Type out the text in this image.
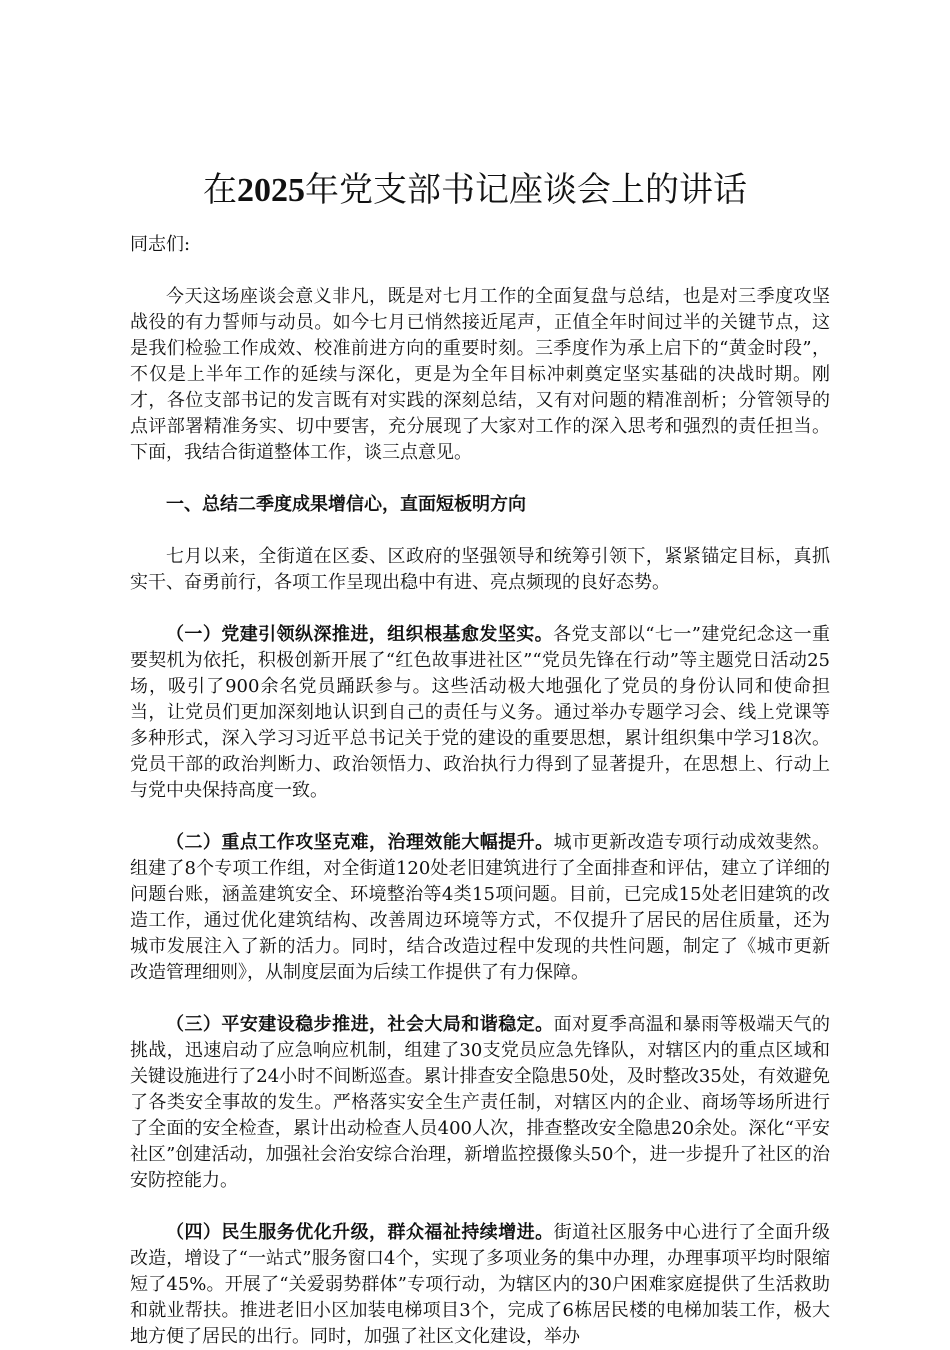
在2025年党支部书记座谈会上的讲话
同志们:

今天这场座谈会意义非凡，既是对七月工作的全面复盘与总结，也是对三季度攻坚战役的有力誓师与动员。如今七月已悄然接近尾声，正值全年时间过半的关键节点，这是我们检验工作成效、校准前进方向的重要时刻。三季度作为承上启下的“黄金时段”，不仅是上半年工作的延续与深化，更是为全年目标冲刺奠定坚实基础的决战时期。刚才，各位支部书记的发言既有对实践的深刻总结，又有对问题的精准剖析；分管领导的点评部署精准务实、切中要害，充分展现了大家对工作的深入思考和强烈的责任担当。下面，我结合街道整体工作，谈三点意见。

一、总结二季度成果增信心，直面短板明方向

七月以来，全街道在区委、区政府的坚强领导和统筹引领下，紧紧锚定目标，真抓实干、奋勇前行，各项工作呈现出稳中有进、亮点频现的良好态势。

（一）党建引领纵深推进，组织根基愈发坚实。各党支部以“七一”建党纪念这一重要契机为依托，积极创新开展了“红色故事进社区”“党员先锋在行动”等主题党日活动25场，吸引了900余名党员踊跃参与。这些活动极大地强化了党员的身份认同和使命担当，让党员们更加深刻地认识到自己的责任与义务。通过举办专题学习会、线上党课等多种形式，深入学习习近平总书记关于党的建设的重要思想，累计组织集中学习18次。党员干部的政治判断力、政治领悟力、政治执行力得到了显著提升，在思想上、行动上与党中央保持高度一致。

（二）重点工作攻坚克难，治理效能大幅提升。城市更新改造专项行动成效斐然。组建了8个专项工作组，对全街道120处老旧建筑进行了全面排查和评估，建立了详细的问题台账，涵盖建筑安全、环境整治等4类15项问题。目前，已完成15处老旧建筑的改造工作，通过优化建筑结构、改善周边环境等方式，不仅提升了居民的居住质量，还为城市发展注入了新的活力。同时，结合改造过程中发现的共性问题，制定了《城市更新改造管理细则》，从制度层面为后续工作提供了有力保障。

（三）平安建设稳步推进，社会大局和谐稳定。面对夏季高温和暴雨等极端天气的挑战，迅速启动了应急响应机制，组建了30支党员应急先锋队，对辖区内的重点区域和关键设施进行了24小时不间断巡查。累计排查安全隐患50处，及时整改35处，有效避免了各类安全事故的发生。严格落实安全生产责任制，对辖区内的企业、商场等场所进行了全面的安全检查，累计出动检查人员400人次，排查整改安全隐患20余处。深化“平安社区”创建活动，加强社会治安综合治理，新增监控摄像头50个，进一步提升了社区的治安防控能力。

（四）民生服务优化升级，群众福祉持续增进。街道社区服务中心进行了全面升级改造，增设了“一站式”服务窗口4个，实现了多项业务的集中办理，办理事项平均时限缩短了45%。开展了“关爱弱势群体”专项行动，为辖区内的30户困难家庭提供了生活救助和就业帮扶。推进老旧小区加装电梯项目3个，完成了6栋居民楼的电梯加装工作，极大地方便了居民的出行。同时，加强了社区文化建设，举办
